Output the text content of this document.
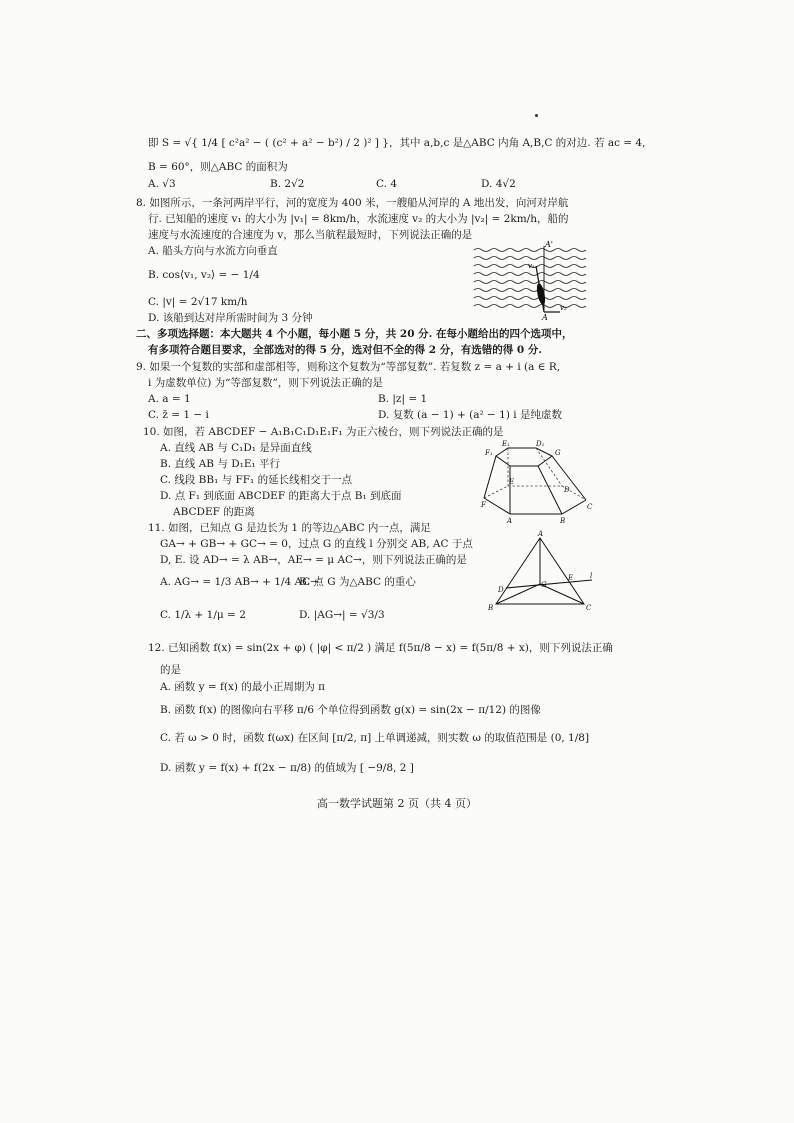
即 S = √{ 1/4 [ c²a² − ( (c² + a² − b²) / 2 )² ] }，其中 a,b,c 是△ABC 内角 A,B,C 的对边. 若 ac = 4,
B = 60°，则△ABC 的面积为
A. √3	B. 2√2	C. 4	D. 4√2
8. 如图所示，一条河两岸平行，河的宽度为 400 米，一艘船从河岸的 A 地出发，向河对岸航
行. 已知船的速度 v₁ 的大小为 |v₁| = 8km/h，水流速度 v₂ 的大小为 |v₂| = 2km/h，船的
速度与水流速度的合速度为 v，那么当航程最短时，下列说法正确的是
A. 船头方向与水流方向垂直
B. cos⟨v₁, v₂⟩ = − 1/4
C. |v| = 2√17 km/h
D. 该船到达对岸所需时间为 3 分钟
二、多项选择题：本大题共 4 个小题，每小题 5 分，共 20 分. 在每小题给出的四个选项中，
有多项符合题目要求，全部选对的得 5 分，选对但不全的得 2 分，有选错的得 0 分.
9. 如果一个复数的实部和虚部相等，则称这个复数为“等部复数”. 若复数 z = a + i (a ∈ R,
i 为虚数单位) 为“等部复数”，则下列说法正确的是
A. a = 1	B. |z| = 1
C. z̄ = 1 − i	D. 复数 (a − 1) + (a² − 1) i 是纯虚数
10. 如图，若 ABCDEF − A₁B₁C₁D₁E₁F₁ 为正六棱台，则下列说法正确的是
A. 直线 AB 与 C₁D₁ 是异面直线
B. 直线 AB 与 D₁E₁ 平行
C. 线段 BB₁ 与 FF₁ 的延长线相交于一点
D. 点 F₁ 到底面 ABCDEF 的距离大于点 B₁ 到底面
ABCDEF 的距离
11. 如图，已知点 G 是边长为 1 的等边△ABC 内一点，满足
GA→ + GB→ + GC→ = 0，过点 G 的直线 l 分别交 AB, AC 于点
D, E. 设 AD→ = λ AB→，AE→ = μ AC→，则下列说法正确的是
A. AG→ = 1/3 AB→ + 1/4 AC→
B. 点 G 为△ABC 的重心
C. 1/λ + 1/μ = 2	D. |AG→| = √3/3
12. 已知函数 f(x) = sin(2x + φ) ( |φ| < π/2 ) 满足 f(5π/8 − x) = f(5π/8 + x)，则下列说法正确
的是
A. 函数 y = f(x) 的最小正周期为 π
B. 函数 f(x) 的图像向右平移 π/6 个单位得到函数 g(x) = sin(2x − π/12) 的图像
C. 若 ω > 0 时，函数 f(ωx) 在区间 [π/2, π] 上单调递减，则实数 ω 的取值范围是 (0, 1/8]
D. 函数 y = f(x) + f(2x − π/8) 的值域为 [ −9/8, 2 ]
A'
A
v₁
v₂
F₁
E₁	D₁
G
E
D
F
A	B
C
A
B	C
D
E
G
l
高一数学试题第 2 页（共 4 页）
